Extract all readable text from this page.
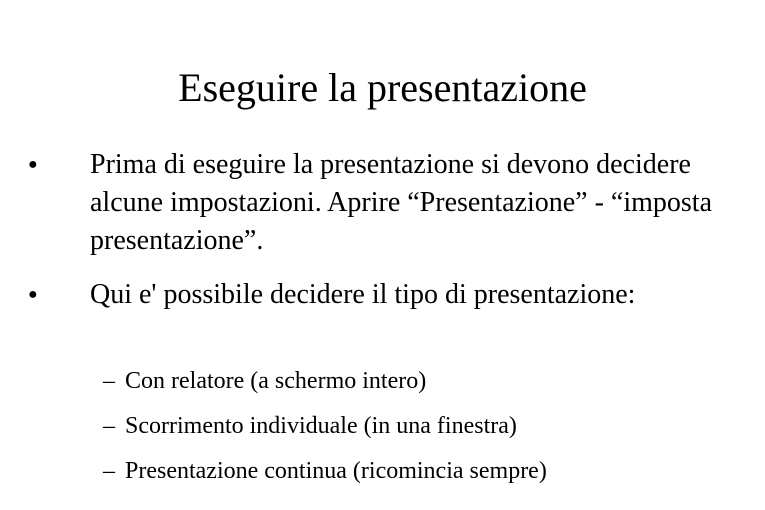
Eseguire la presentazione
● Prima di eseguire la presentazione si devono decidere alcune impostazioni. Aprire “Presentazione” - “imposta presentazione”.
● Qui e' possibile decidere il tipo di presentazione:
– Con relatore (a schermo intero)
– Scorrimento individuale (in una finestra)
– Presentazione continua (ricomincia sempre)
